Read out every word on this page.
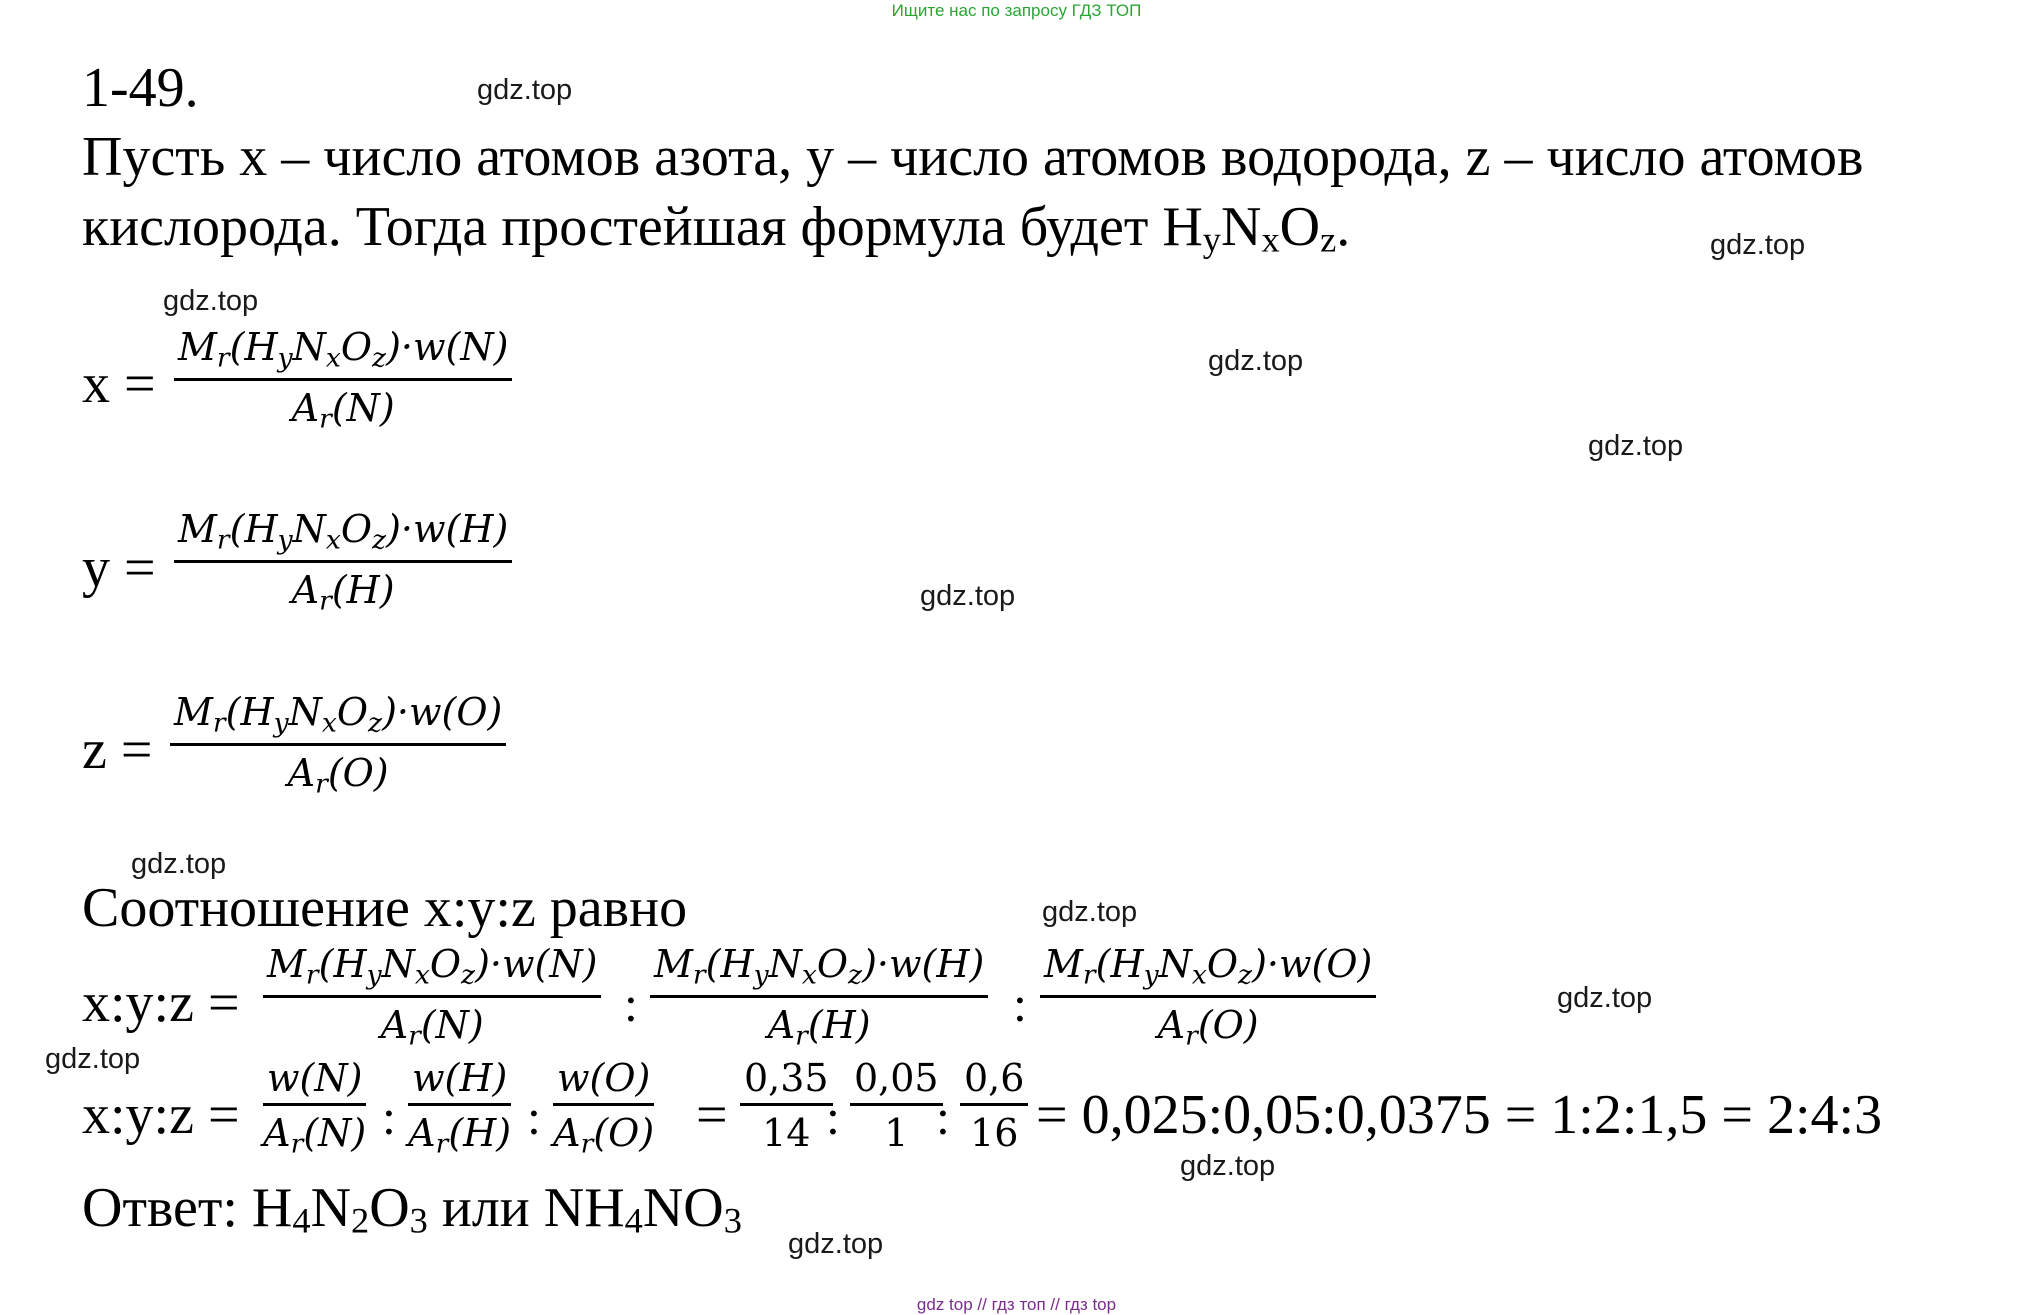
Ищите нас по запросу ГДЗ ТОП
gdz top // гдз топ // гдз top
gdz.top
gdz.top
gdz.top
gdz.top
gdz.top
gdz.top
gdz.top
gdz.top
gdz.top
gdz.top
gdz.top
gdz.top
1-49.
Пусть x – число атомов азота, y – число атомов водорода, z – число атомов
кислорода. Тогда простейшая формула будет $H_yN_xO_z$.
x =
Mr(HyNxOz)·w(N)
Ar(N)
y =
Mr(HyNxOz)·w(H)
Ar(H)
z =
Mr(HyNxOz)·w(O)
Ar(O)
Соотношение x:y:z равно
x:y:z =
Mr(HyNxOz)·w(N)
Ar(N)	:
Mr(HyNxOz)·w(H)
Ar(H)	:
Mr(HyNxOz)·w(O)
Ar(O)
x:y:z = $\frac{w(N)}{Ar(N)}$ : $\frac{w(H)}{Ar(H)}$ : $\frac{w(O)}{Ar(O)} = \frac{0,35}{14}$
: $\frac{0,05}{1}$
: $\frac{0,6}{16}$ = 0,025:0,05:0,0375 = 1:2:1,5 = 2:4:3
Ответ: $H_4N_2O_3$ или $NH_4NO_3$
